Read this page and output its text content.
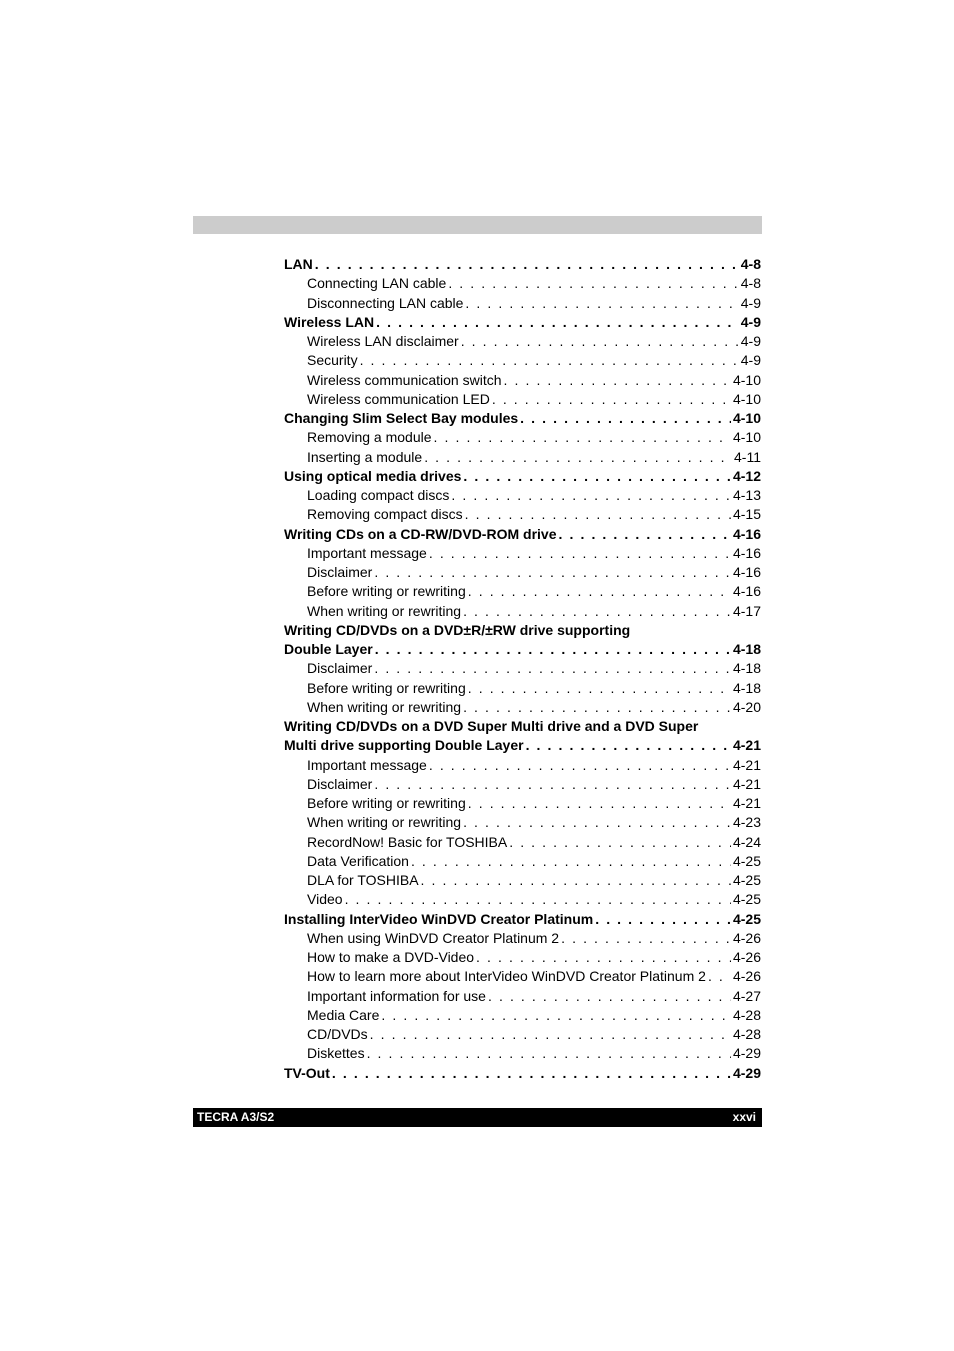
LAN . . .	4-8
Connecting LAN cable . . .	4-8
Disconnecting LAN cable . . .	4-9
Wireless LAN . . .	4-9
Wireless LAN disclaimer . . .	4-9
Security . . .	4-9
Wireless communication switch . . .	4-10
Wireless communication LED . . .	4-10
Changing Slim Select Bay modules . . .	4-10
Removing a module . . .	4-10
Inserting a module . . .	4-11
Using optical media drives . . .	4-12
Loading compact discs . . .	4-13
Removing compact discs . . .	4-15
Writing CDs on a CD-RW/DVD-ROM drive . . .	4-16
Important message . . .	4-16
Disclaimer . . .	4-16
Before writing or rewriting . . .	4-16
When writing or rewriting . . .	4-17
Writing CD/DVDs on a DVD±R/±RW drive supporting
Double Layer . . .	4-18
Disclaimer . . .	4-18
Before writing or rewriting . . .	4-18
When writing or rewriting . . .	4-20
Writing CD/DVDs on a DVD Super Multi drive and a DVD Super
Multi drive supporting Double Layer . . .	4-21
Important message . . .	4-21
Disclaimer . . .	4-21
Before writing or rewriting . . .	4-21
When writing or rewriting . . .	4-23
RecordNow! Basic for TOSHIBA . . .	4-24
Data Verification . . .	4-25
DLA for TOSHIBA . . .	4-25
Video . . .	4-25
Installing InterVideo WinDVD Creator Platinum . . .	4-25
When using WinDVD Creator Platinum 2 . . .	4-26
How to make a DVD-Video . . .	4-26
How to learn more about InterVideo WinDVD Creator Platinum 2 . . . 4-26
Important information for use . . .	4-27
Media Care . . .	4-28
CD/DVDs . . .	4-28
Diskettes . . .	4-29
TV-Out . . .	4-29
TECRA A3/S2	xxvi
